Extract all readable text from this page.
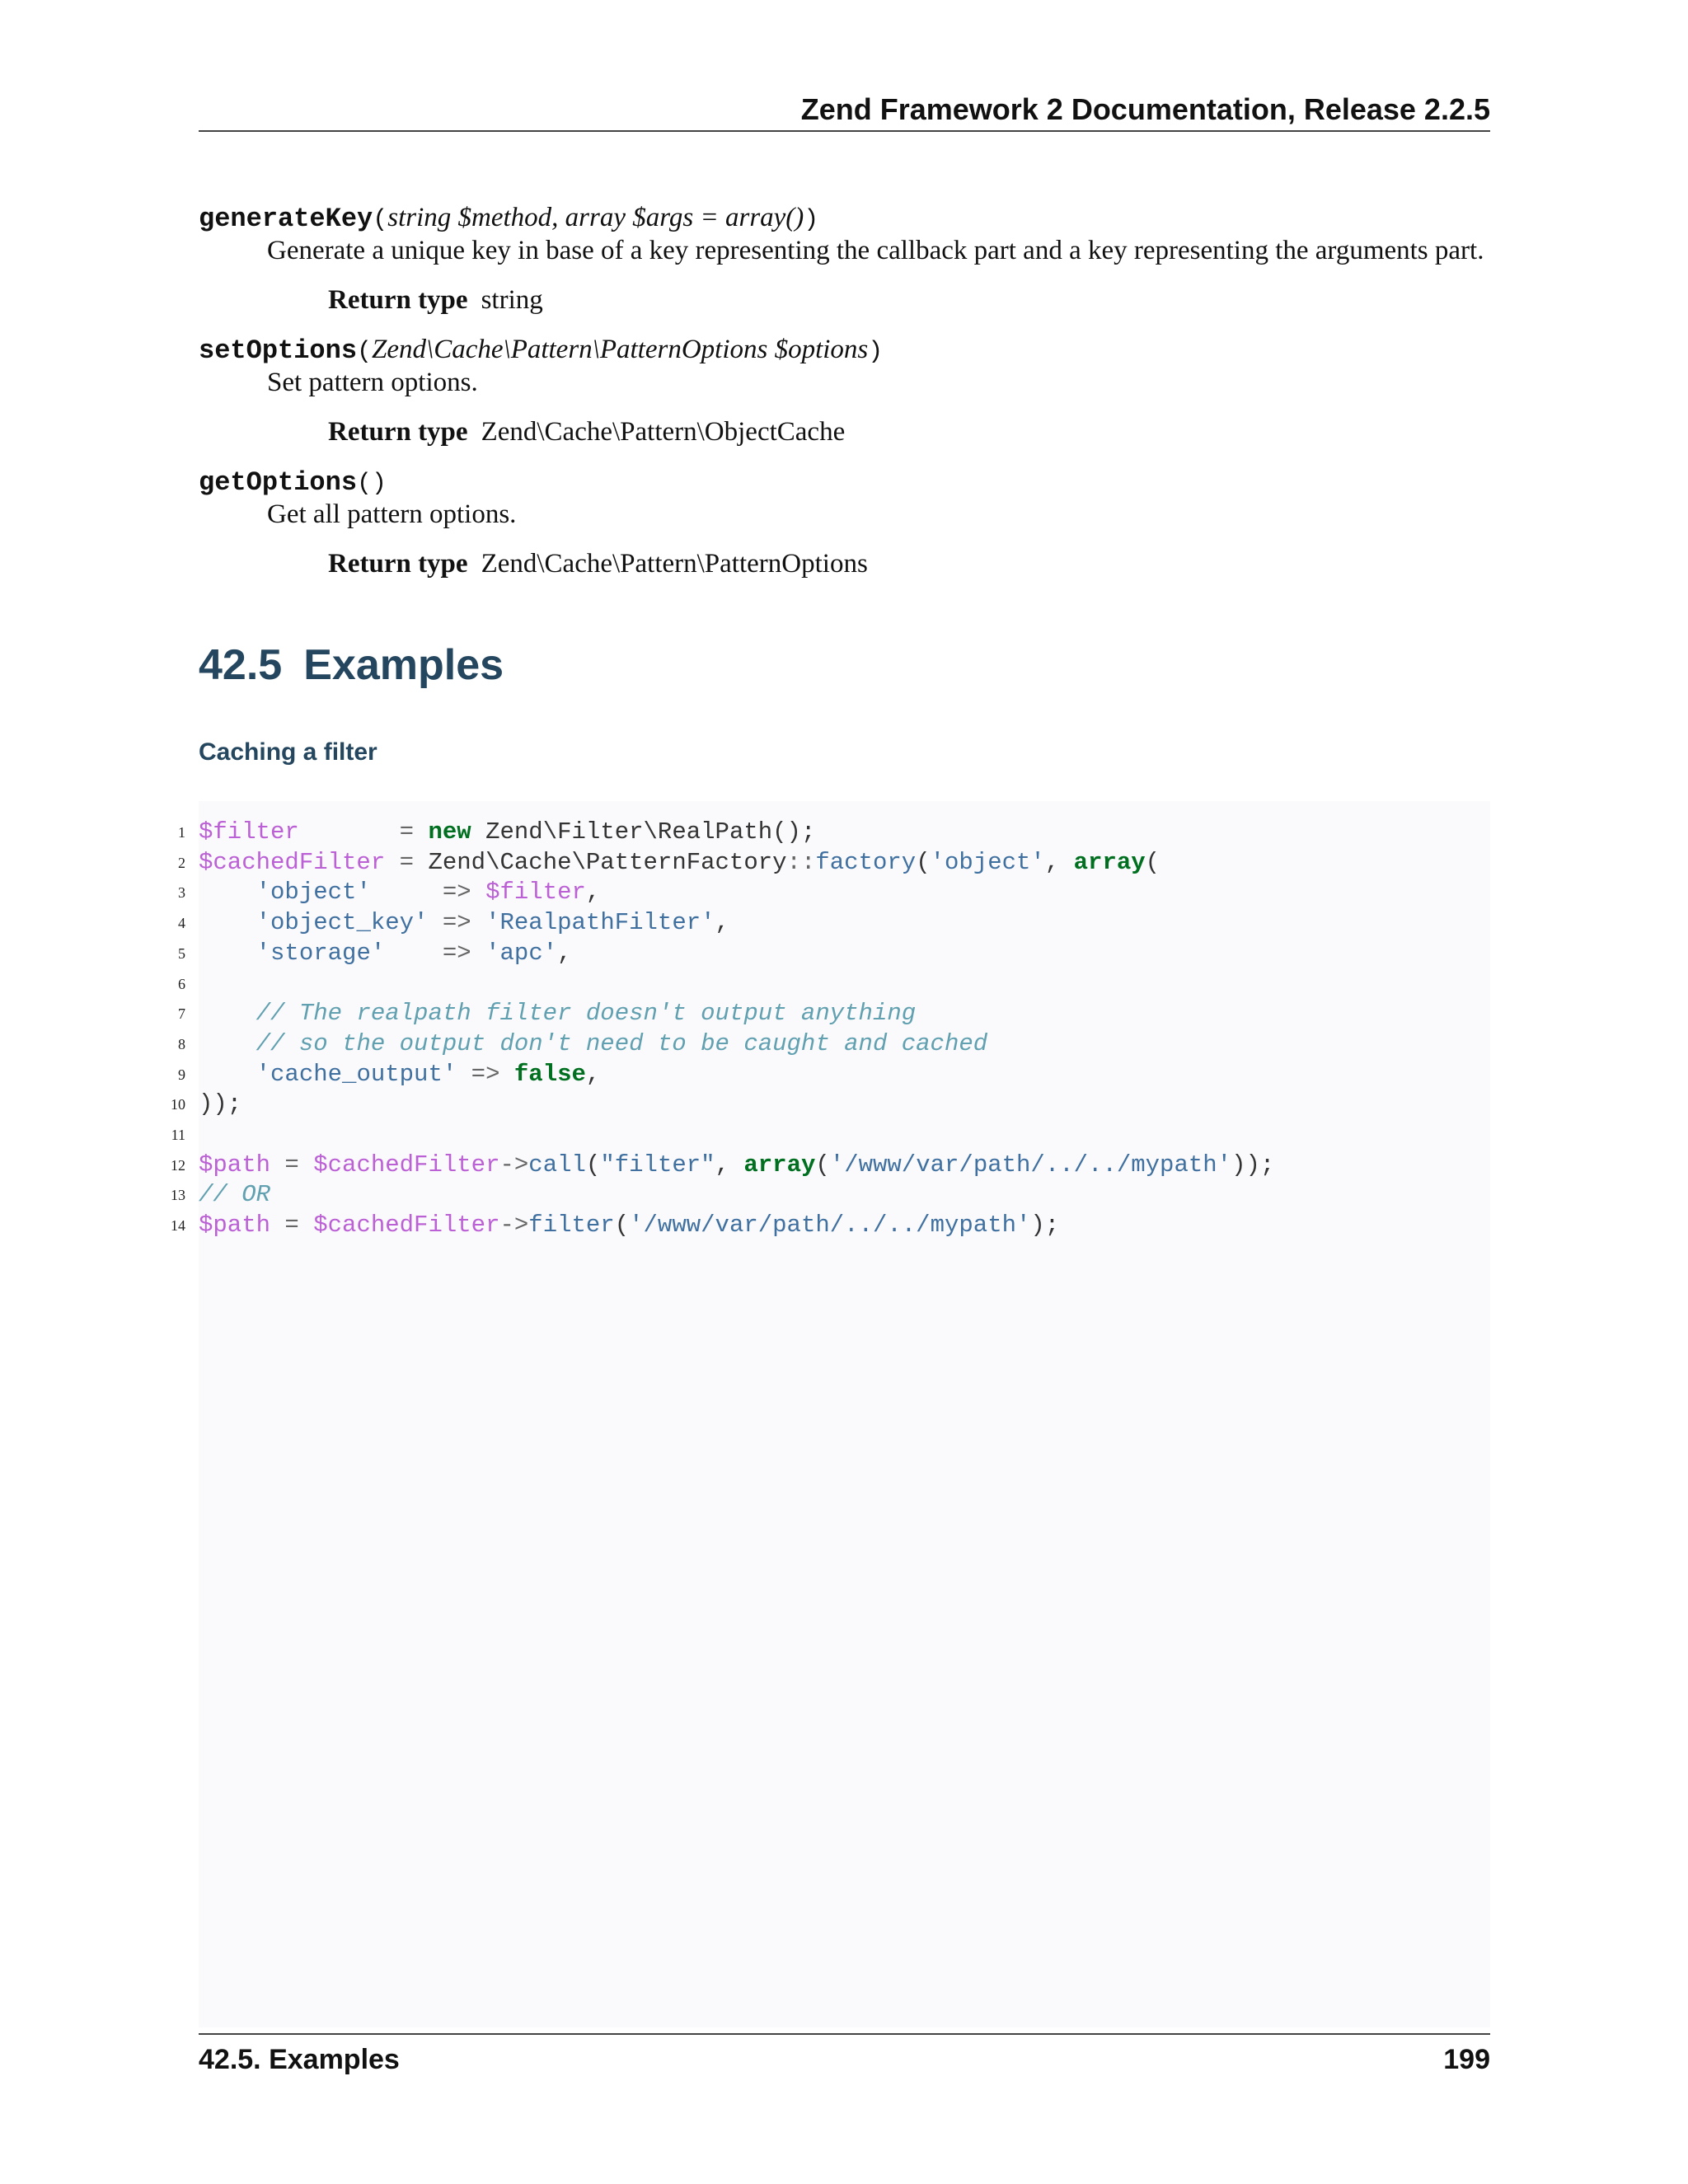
Zend Framework 2 Documentation, Release 2.2.5
generateKey(string $method, array $args = array())
Generate a unique key in base of a key representing the callback part and a key representing the arguments part.
Return type string
setOptions(Zend\Cache\Pattern\PatternOptions $options)
Set pattern options.
Return type Zend\Cache\Pattern\ObjectCache
getOptions()
Get all pattern options.
Return type Zend\Cache\Pattern\PatternOptions
42.5 Examples
Caching a filter
1 $filter	= new Zend\Filter\RealPath();
2 $cachedFilter = Zend\Cache\PatternFactory::factory('object', array(
3	'object'	=> $filter,
4	'object_key' => 'RealpathFilter',
5	'storage' => 'apc',
6
7	// The realpath filter doesn't output anything
8	// so the output don't need to be caught and cached
9	'cache_output' => false,
10 ));
11
12 $path = $cachedFilter->call("filter", array('/www/var/path/../../mypath'));
13 // OR
14 $path = $cachedFilter->filter('/www/var/path/../../mypath');
42.5. Examples	199
